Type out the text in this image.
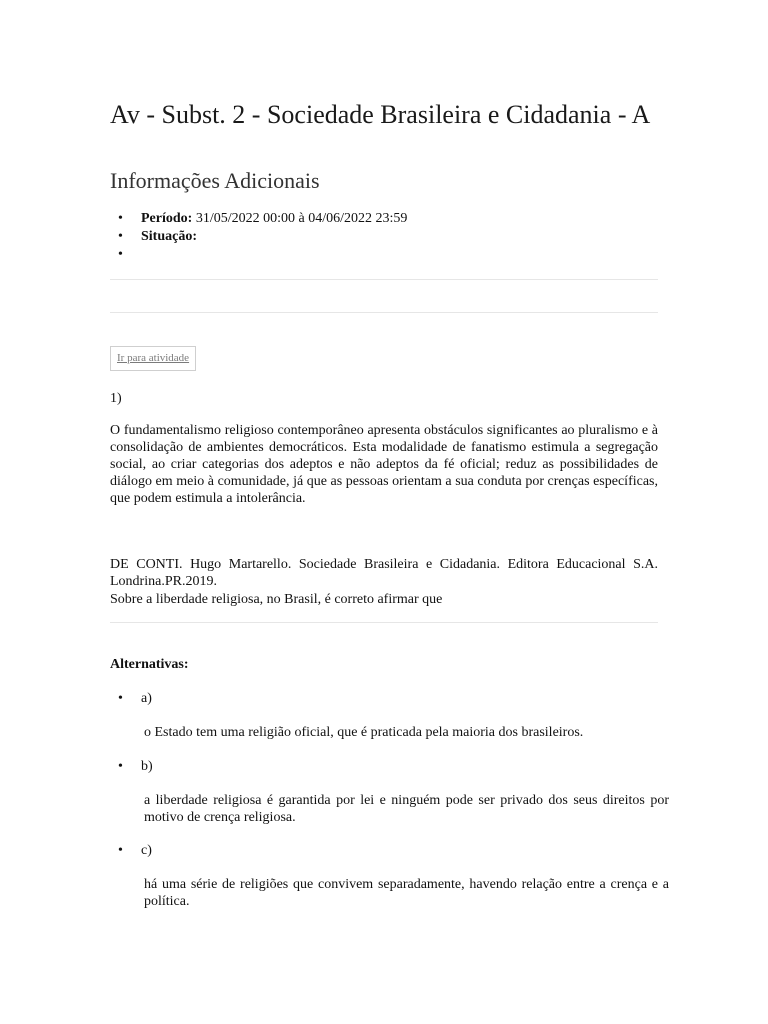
Av - Subst. 2 - Sociedade Brasileira e Cidadania - A
Informações Adicionais
• Período: 31/05/2022 00:00 à 04/06/2022 23:59
• Situação:
•
Ir para atividade
1)

O fundamentalismo religioso contemporâneo apresenta obstáculos significantes ao pluralismo e à consolidação de ambientes democráticos. Esta modalidade de fanatismo estimula a segregação social, ao criar categorias dos adeptos e não adeptos da fé oficial; reduz as possibilidades de diálogo em meio à comunidade, já que as pessoas orientam a sua conduta por crenças específicas, que podem estimula a intolerância.

DE CONTI. Hugo Martarello. Sociedade Brasileira e Cidadania. Editora Educacional S.A. Londrina.PR.2019.

Sobre a liberdade religiosa, no Brasil, é correto afirmar que

Alternativas:
• a)

o Estado tem uma religião oficial, que é praticada pela maioria dos brasileiros.

• b)

a liberdade religiosa é garantida por lei e ninguém pode ser privado dos seus direitos por motivo de crença religiosa.

• c)

há uma série de religiões que convivem separadamente, havendo relação entre a crença e a política.
